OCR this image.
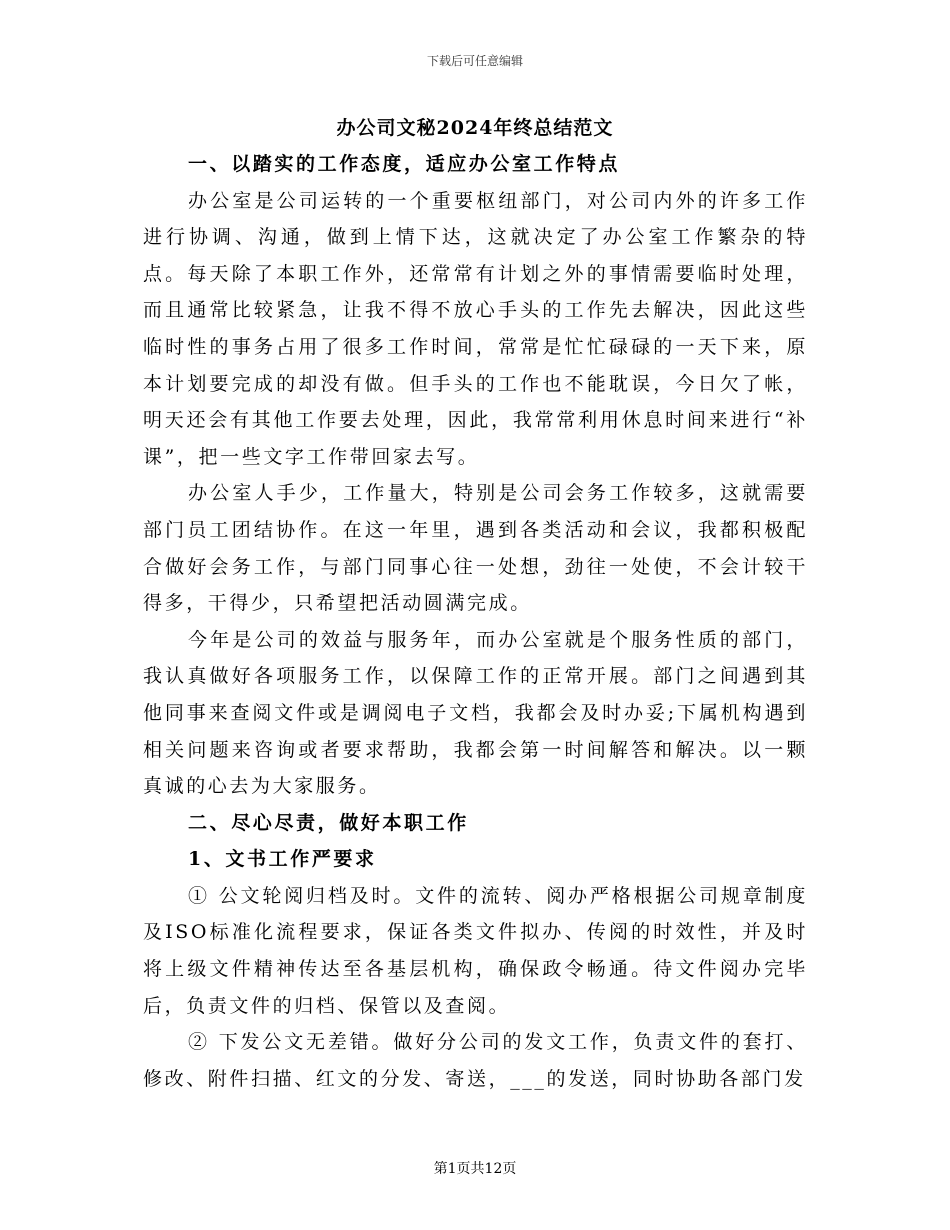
下载后可任意编辑
办公司文秘2024年终总结范文

一、以踏实的工作态度，适应办公室工作特点

办公室是公司运转的一个重要枢纽部门，对公司内外的许多工作进行协调、沟通，做到上情下达，这就决定了办公室工作繁杂的特点。每天除了本职工作外，还常常有计划之外的事情需要临时处理，而且通常比较紧急，让我不得不放心手头的工作先去解决，因此这些临时性的事务占用了很多工作时间，常常是忙忙碌碌的一天下来，原本计划要完成的却没有做。但手头的工作也不能耽误，今日欠了帐，明天还会有其他工作要去处理，因此，我常常利用休息时间来进行“补课”，把一些文字工作带回家去写。

办公室人手少，工作量大，特别是公司会务工作较多，这就需要部门员工团结协作。在这一年里，遇到各类活动和会议，我都积极配合做好会务工作，与部门同事心往一处想，劲往一处使，不会计较干得多，干得少，只希望把活动圆满完成。

今年是公司的效益与服务年，而办公室就是个服务性质的部门，我认真做好各项服务工作，以保障工作的正常开展。部门之间遇到其他同事来查阅文件或是调阅电子文档，我都会及时办妥;下属机构遇到相关问题来咨询或者要求帮助，我都会第一时间解答和解决。以一颗真诚的心去为大家服务。

二、尽心尽责，做好本职工作

1、文书工作严要求

① 公文轮阅归档及时。文件的流转、阅办严格根据公司规章制度及ISO标准化流程要求，保证各类文件拟办、传阅的时效性，并及时将上级文件精神传达至各基层机构，确保政令畅通。待文件阅办完毕后，负责文件的归档、保管以及查阅。

② 下发公文无差错。做好分公司的发文工作，负责文件的套打、修改、附件扫描、红文的分发、寄送，___的发送，同时协助各部门发

第1页共12页
